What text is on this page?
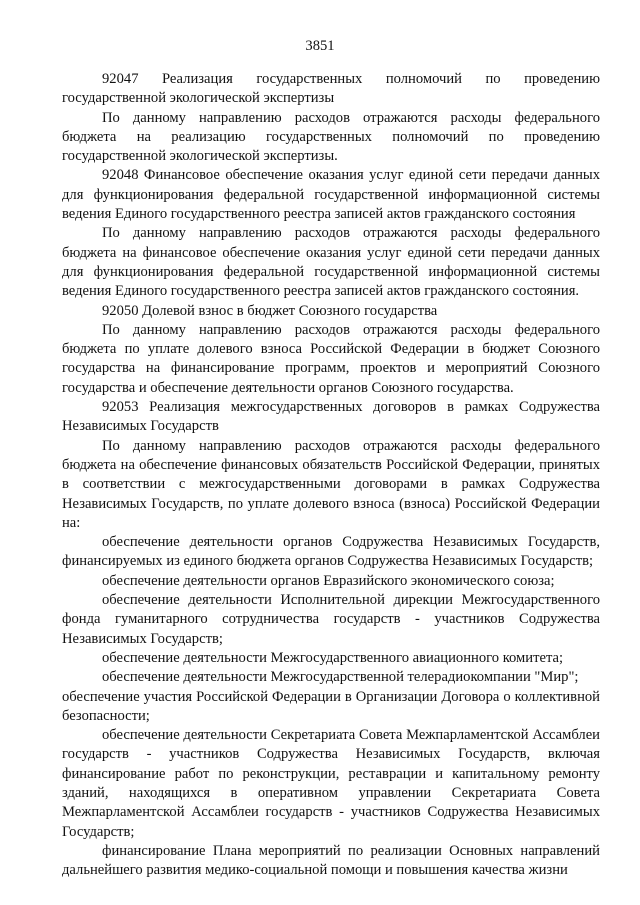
3851

92047 Реализация государственных полномочий по проведению государственной экологической экспертизы

По данному направлению расходов отражаются расходы федерального бюджета на реализацию государственных полномочий по проведению государственной экологической экспертизы.

92048 Финансовое обеспечение оказания услуг единой сети передачи данных для функционирования федеральной государственной информационной системы ведения Единого государственного реестра записей актов гражданского состояния

По данному направлению расходов отражаются расходы федерального бюджета на финансовое обеспечение оказания услуг единой сети передачи данных для функционирования федеральной государственной информационной системы ведения Единого государственного реестра записей актов гражданского состояния.

92050 Долевой взнос в бюджет Союзного государства

По данному направлению расходов отражаются расходы федерального бюджета по уплате долевого взноса Российской Федерации в бюджет Союзного государства на финансирование программ, проектов и мероприятий Союзного государства и обеспечение деятельности органов Союзного государства.

92053 Реализация межгосударственных договоров в рамках Содружества Независимых Государств

По данному направлению расходов отражаются расходы федерального бюджета на обеспечение финансовых обязательств Российской Федерации, принятых в соответствии с межгосударственными договорами в рамках Содружества Независимых Государств, по уплате долевого взноса (взноса) Российской Федерации на:

обеспечение деятельности органов Содружества Независимых Государств, финансируемых из единого бюджета органов Содружества Независимых Государств;

обеспечение деятельности органов Евразийского экономического союза;

обеспечение деятельности Исполнительной дирекции Межгосударственного фонда гуманитарного сотрудничества государств - участников Содружества Независимых Государств;

обеспечение деятельности Межгосударственного авиационного комитета;

обеспечение деятельности Межгосударственной телерадиокомпании "Мир";

обеспечение участия Российской Федерации в Организации Договора о коллективной безопасности;

обеспечение деятельности Секретариата Совета Межпарламентской Ассамблеи государств - участников Содружества Независимых Государств, включая финансирование работ по реконструкции, реставрации и капитальному ремонту зданий, находящихся в оперативном управлении Секретариата Совета Межпарламентской Ассамблеи государств - участников Содружества Независимых Государств;

финансирование Плана мероприятий по реализации Основных направлений дальнейшего развития медико-социальной помощи и повышения качества жизни
